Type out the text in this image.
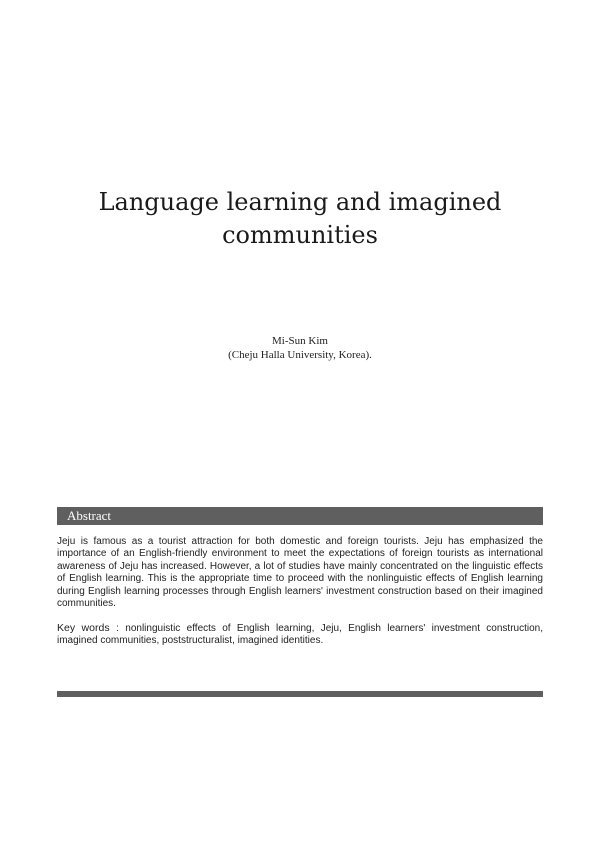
Language learning and imagined
communities
Mi-Sun Kim
(Cheju Halla University, Korea).
Abstract

Jeju is famous as a tourist attraction for both domestic and foreign tourists. Jeju has emphasized the importance of an English-friendly environment to meet the expectations of foreign tourists as international awareness of Jeju has increased. However, a lot of studies have mainly concentrated on the linguistic effects of English learning. This is the appropriate time to proceed with the nonlinguistic effects of English learning during English learning processes through English learners' investment construction based on their imagined communities.

Key words : nonlinguistic effects of English learning, Jeju, English learners' investment construction, imagined communities, poststructuralist, imagined identities.
